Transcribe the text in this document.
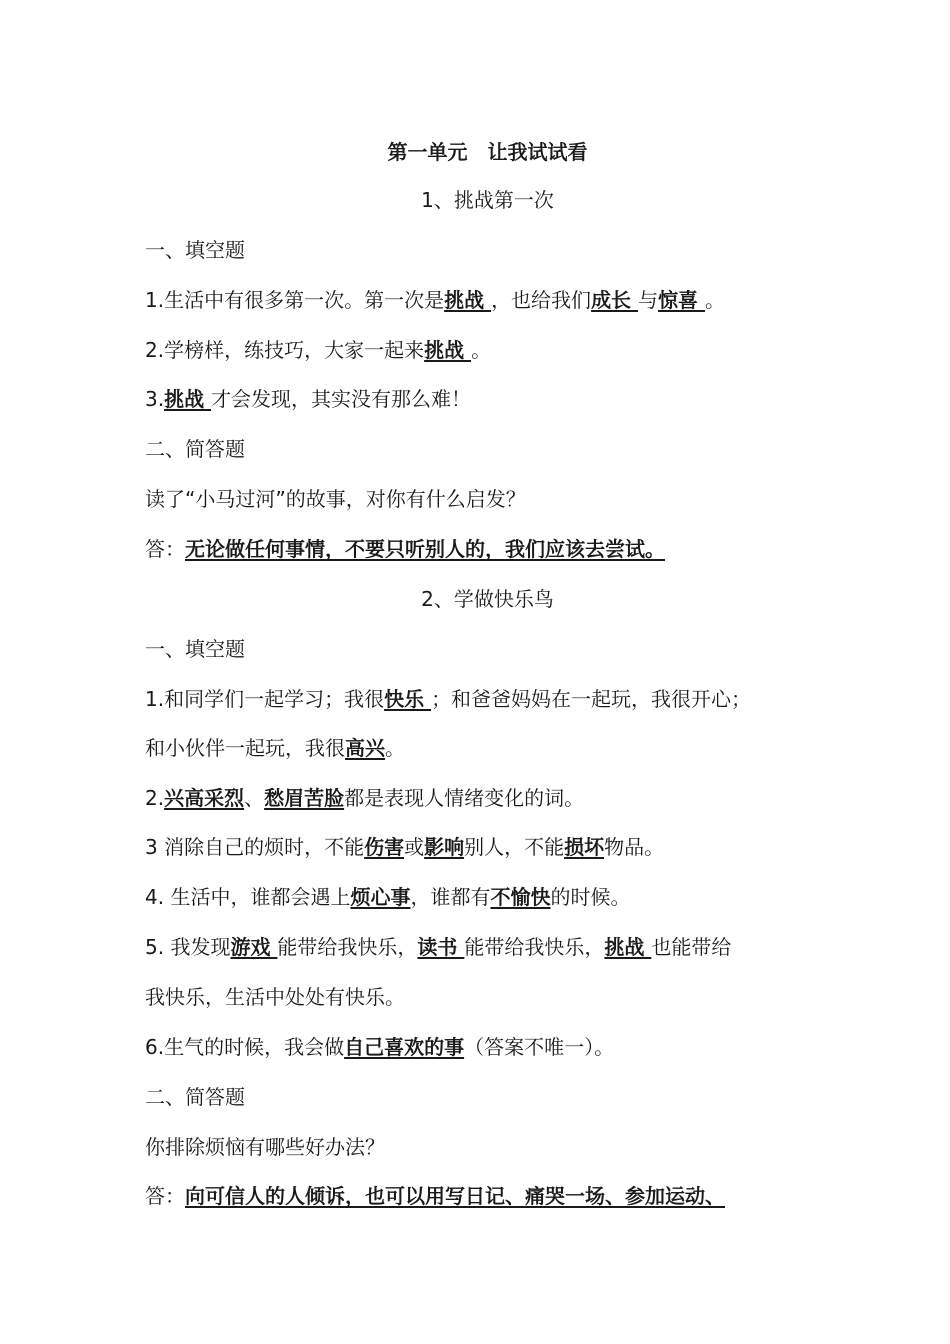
第一单元　让我试试看
1、挑战第一次
一、填空题
1.生活中有很多第一次。第一次是挑战 ，也给我们成长 与惊喜 。
2.学榜样，练技巧，大家一起来挑战 。
3.挑战 才会发现，其实没有那么难！
二、简答题
读了“小马过河”的故事，对你有什么启发？
答：无论做任何事情，不要只听别人的，我们应该去尝试。
2、学做快乐鸟
一、填空题
1.和同学们一起学习；我很快乐 ；和爸爸妈妈在一起玩，我很开心；
和小伙伴一起玩，我很高兴。
2.兴高采烈、愁眉苦脸都是表现人情绪变化的词。
3 消除自己的烦时，不能伤害或影响别人，不能损坏物品。
4. 生活中，谁都会遇上烦心事，谁都有不愉快的时候。
5. 我发现游戏 能带给我快乐，读书 能带给我快乐，挑战 也能带给
我快乐，生活中处处有快乐。
6.生气的时候，我会做自己喜欢的事（答案不唯一）。
二、简答题
你排除烦恼有哪些好办法？
答：向可信人的人倾诉，也可以用写日记、痛哭一场、参加运动、
